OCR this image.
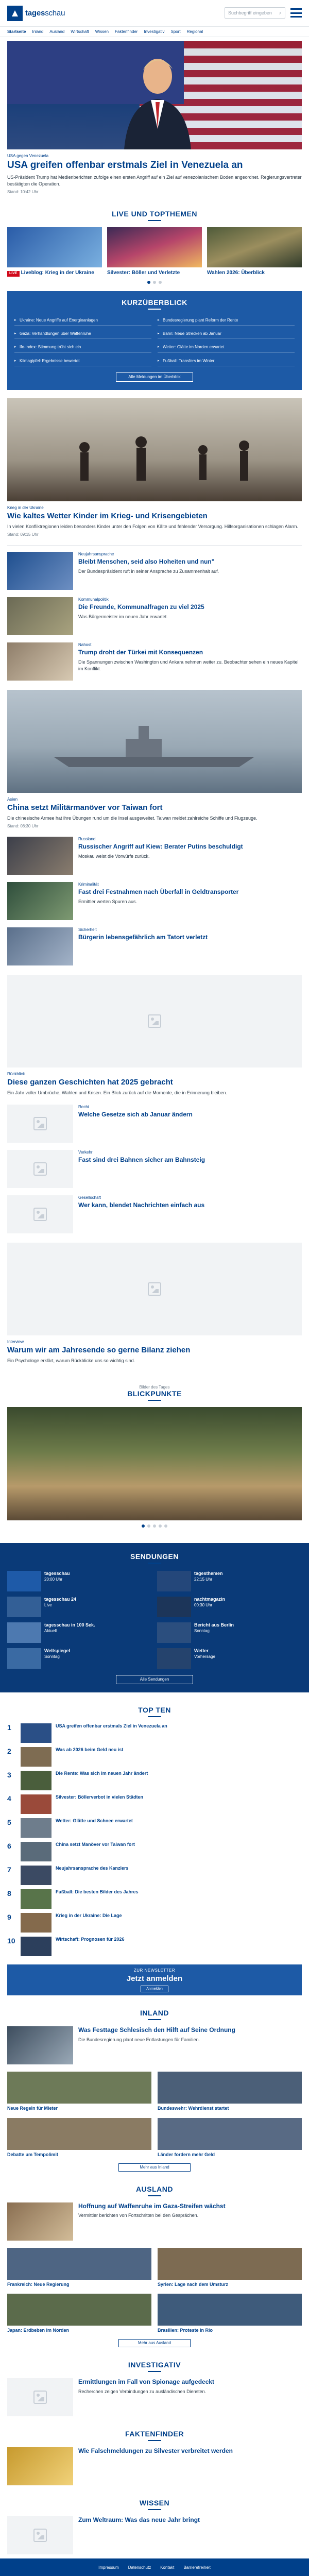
tagesschau	Suchbegriff eingeben ⌕
Startseite Inland Ausland Wirtschaft Wissen Faktenfinder Investigativ Sport Regional
USA gegen Venezuela
USA greifen offenbar erstmals Ziel in Venezuela an
US-Präsident Trump hat Medienberichten zufolge einen ersten Angriff auf ein Ziel auf venezolanischem Boden angeordnet. Regierungsvertreter bestätigten die Operation.
Stand: 10:42 Uhr
LIVE UND TOPTHEMEN
LIVE Liveblog: Krieg in der Ukraine	Silvester: Böller und Verletzte	Wahlen 2026: Überblick
KURZÜBERBLICK
▸ Ukraine: Neue Angriffe auf Energieanlagen	▸ Bundesregierung plant Reform der Rente
▸ Gaza: Verhandlungen über Waffenruhe	▸ Bahn: Neue Strecken ab Januar
▸ Ifo-Index: Stimmung trübt sich ein	▸ Wetter: Glätte im Norden erwartet
▸ Klimagipfel: Ergebnisse bewertet	▸ Fußball: Transfers im Winter
Alle Meldungen im Überblick
Krieg in der Ukraine
Wie kaltes Wetter Kinder im Krieg- und Krisengebieten
In vielen Konfliktregionen leiden besonders Kinder unter den Folgen von Kälte und fehlender Versorgung. Hilfsorganisationen schlagen Alarm.
Stand: 09:15 Uhr
Neujahrsansprache
Bleibt Menschen, seid also Hoheiten und nun"
Der Bundespräsident ruft in seiner Ansprache zu Zusammenhalt auf.
Kommunalpolitik
Die Freunde, Kommunalfragen zu viel 2025
Was Bürgermeister im neuen Jahr erwartet.
Nahost
Trump droht der Türkei mit Konsequenzen
Die Spannungen zwischen Washington und Ankara nehmen weiter zu. Beobachter sehen ein neues Kapitel im Konflikt.
Asien
China setzt Militärmanöver vor Taiwan fort
Die chinesische Armee hat ihre Übungen rund um die Insel ausgeweitet. Taiwan meldet zahlreiche Schiffe und Flugzeuge.
Stand: 08:30 Uhr
Russland
Russischer Angriff auf Kiew: Berater Putins beschuldigt
Moskau weist die Vorwürfe zurück.
Kriminalität
Fast drei Festnahmen nach Überfall in Geldtransporter
Ermittler werten Spuren aus.
Sicherheit
Bürgerin lebensgefährlich am Tatort verletzt
Rückblick
Diese ganzen Geschichten hat 2025 gebracht
Ein Jahr voller Umbrüche, Wahlen und Krisen. Ein Blick zurück auf die Momente, die in Erinnerung bleiben.
Recht
Welche Gesetze sich ab Januar ändern
Verkehr
Fast sind drei Bahnen sicher am Bahnsteig
Gesellschaft
Wer kann, blendet Nachrichten einfach aus
Interview
Warum wir am Jahresende so gerne Bilanz ziehen
Ein Psychologe erklärt, warum Rückblicke uns so wichtig sind.
Bilder des Tages
BLICKPUNKTE
SENDUNGEN
tagesschau
20:00 Uhr
tagesthemen
22:15 Uhr
tagesschau 24
Live
nachtmagazin
00:30 Uhr
tagesschau in 100 Sek.
Aktuell
Bericht aus Berlin
Sonntag
Weltspiegel
Sonntag
Wetter
Vorhersage
Alle Sendungen
TOP TEN
1	USA greifen offenbar erstmals Ziel in Venezuela an
2	Was ab 2026 beim Geld neu ist
3	Die Rente: Was sich im neuen Jahr ändert
4	Silvester: Böllerverbot in vielen Städten
5	Wetter: Glätte und Schnee erwartet
6	China setzt Manöver vor Taiwan fort
7	Neujahrsansprache des Kanzlers
8	Fußball: Die besten Bilder des Jahres
9	Krieg in der Ukraine: Die Lage
10	Wirtschaft: Prognosen für 2026
ZUR NEWSLETTER
Jetzt anmelden
Anmelden
INLAND
Was Festtage Schlesisch den Hilft auf Seine Ordnung
Die Bundesregierung plant neue Entlastungen für Familien.
Neue Regeln für Mieter	Bundeswehr: Wehrdienst startet
Debatte um Tempolimit	Länder fordern mehr Geld
Mehr aus Inland
AUSLAND
Hoffnung auf Waffenruhe im Gaza-Streifen wächst
Vermittler berichten von Fortschritten bei den Gesprächen.
Frankreich: Neue Regierung	Syrien: Lage nach dem Umsturz
Japan: Erdbeben im Norden	Brasilien: Proteste in Rio
Mehr aus Ausland
INVESTIGATIV
Ermittlungen im Fall von Spionage aufgedeckt
Recherchen zeigen Verbindungen zu ausländischen Diensten.
FAKTENFINDER
Wie Falschmeldungen zu Silvester verbreitet werden
WISSEN
Zum Weltraum: Was das neue Jahr bringt
Impressum Datenschutz Kontakt Barrierefreiheit
